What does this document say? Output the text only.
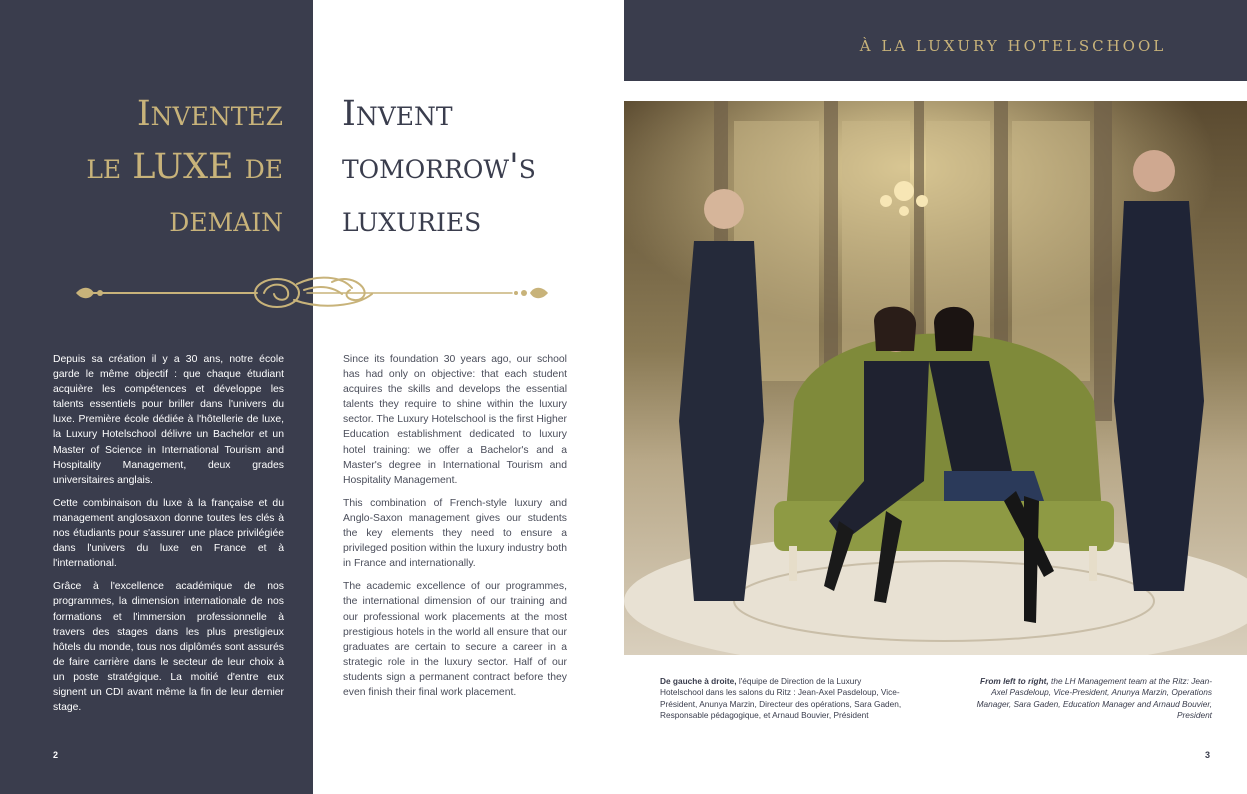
À LA LUXURY HOTELSCHOOL
Inventez
le LUXE de
demain
Invent
tomorrow's
luxuries

Depuis sa création il y a 30 ans, notre école garde le même objectif : que chaque étudiant acquière les compétences et développe les talents essentiels pour briller dans l'univers du luxe. Première école dédiée à l'hôtellerie de luxe, la Luxury Hotelschool délivre un Bachelor et un Master of Science in International Tourism and Hospitality Management, deux grades universitaires anglais.

Cette combinaison du luxe à la française et du management anglosaxon donne toutes les clés à nos étudiants pour s'assurer une place privilégiée dans l'univers du luxe en France et à l'international.

Grâce à l'excellence académique de nos programmes, la dimension internationale de nos formations et l'immersion professionnelle à travers des stages dans les plus prestigieux hôtels du monde, tous nos diplômés sont assurés de faire carrière dans le secteur de leur choix à un poste stratégique. La moitié d'entre eux signent un CDI avant même la fin de leur dernier stage.

Since its foundation 30 years ago, our school has had only on objective: that each student acquires the skills and develops the essential talents they require to shine within the luxury sector. The Luxury Hotelschool is the first Higher Education establishment dedicated to luxury hotel training: we offer a Bachelor's and a Master's degree in International Tourism and Hospitality Management.

This combination of French-style luxury and Anglo-Saxon management gives our students the key elements they need to ensure a privileged position within the luxury industry both in France and internationally.

The academic excellence of our programmes, the international dimension of our training and our professional work placements at the most prestigious hotels in the world all ensure that our graduates are certain to secure a career in a strategic role in the luxury sector. Half of our students sign a permanent contract before they even finish their final work placement.

2	3
De gauche à droite, l'équipe de Direction de la Luxury Hotelschool dans les salons du Ritz : Jean-Axel Pasdeloup, Vice-Président, Anunya Marzin, Directeur des opérations, Sara Gaden, Responsable pédagogique, et Arnaud Bouvier, Président
From left to right, the LH Management team at the Ritz: Jean-Axel Pasdeloup, Vice-President, Anunya Marzin, Operations Manager, Sara Gaden, Education Manager and Arnaud Bouvier, President
